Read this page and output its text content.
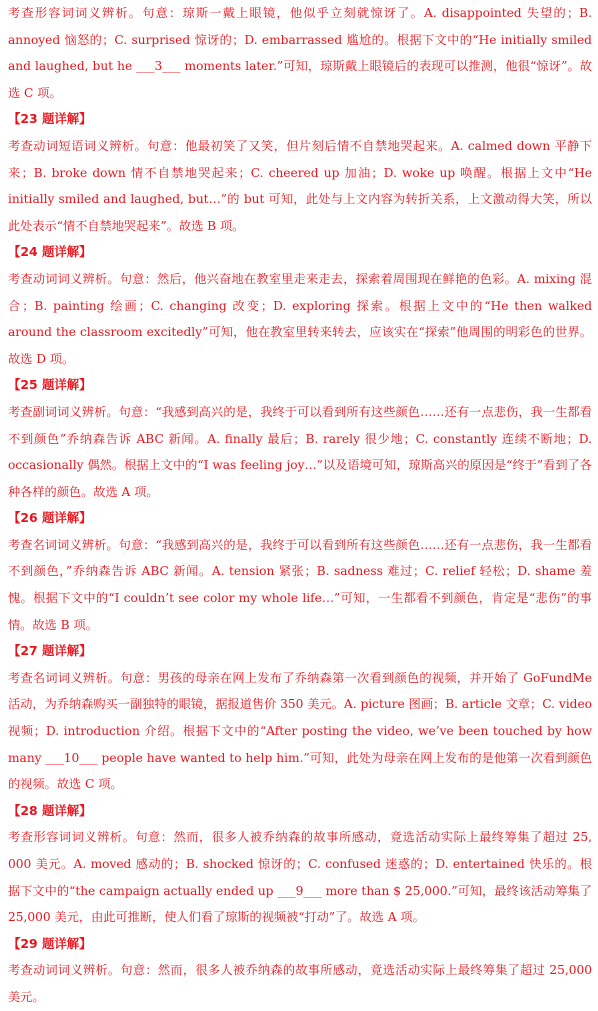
考查形容词词义辨析。句意：琼斯一戴上眼镜，他似乎立刻就惊讶了。A. disappointed 失望的；B. annoyed 恼怒的；C. surprised 惊讶的；D. embarrassed 尴尬的。根据下文中的“He initially smiled and laughed, but he ___3___ moments later.”可知，琼斯戴上眼镜后的表现可以推测，他很“惊讶”。故选 C 项。

【23 题详解】

考查动词短语词义辨析。句意：他最初笑了又笑，但片刻后情不自禁地哭起来。A. calmed down 平静下来；B. broke down 情不自禁地哭起来；C. cheered up 加油；D. woke up 唤醒。根据上文中“He initially smiled and laughed, but…”的 but 可知，此处与上文内容为转折关系，上文激动得大笑，所以此处表示“情不自禁地哭起来”。故选 B 项。

【24 题详解】

考查动词词义辨析。句意：然后，他兴奋地在教室里走来走去，探索着周围现在鲜艳的色彩。A. mixing 混合；B. painting 绘画；C. changing 改变；D. exploring 探索。根据上文中的“He then walked around the classroom excitedly”可知，他在教室里转来转去，应该实在“探索”他周围的明彩色的世界。故选 D 项。

【25 题详解】

考查副词词义辨析。句意：“我感到高兴的是，我终于可以看到所有这些颜色……还有一点悲伤，我一生都看不到颜色”乔纳森告诉 ABC 新闻。A. finally 最后；B. rarely 很少地；C. constantly 连续不断地；D. occasionally 偶然。根据上文中的“I was feeling joy…”以及语境可知，琼斯高兴的原因是“终于”看到了各种各样的颜色。故选 A 项。

【26 题详解】

考查名词词义辨析。句意：“我感到高兴的是，我终于可以看到所有这些颜色……还有一点悲伤，我一生都看不到颜色，”乔纳森告诉 ABC 新闻。A. tension 紧张；B. sadness 难过；C. relief 轻松；D. shame 羞愧。根据下文中的“I couldn’t see color my whole life…”可知，一生都看不到颜色，肯定是“悲伤”的事情。故选 B 项。

【27 题详解】

考查名词词义辨析。句意：男孩的母亲在网上发布了乔纳森第一次看到颜色的视频，并开始了 GoFundMe 活动，为乔纳森购买一副独特的眼镜，据报道售价 350 美元。A. picture 图画；B. article 文章；C. video 视频；D. introduction 介绍。根据下文中的“After posting the video, we’ve been touched by how many ___10___ people have wanted to help him.”可知，此处为母亲在网上发布的是他第一次看到颜色的视频。故选 C 项。

【28 题详解】

考查形容词词义辨析。句意：然而，很多人被乔纳森的故事所感动，竟选活动实际上最终筹集了超过 25, 000 美元。A. moved 感动的；B. shocked 惊讶的；C. confused 迷惑的；D. entertained 快乐的。根据下文中的“the campaign actually ended up ___9___ more than $ 25,000.”可知，最终该活动筹集了 25,000 美元，由此可推断，使人们看了琼斯的视频被“打动”了。故选 A 项。

【29 题详解】

考查动词词义辨析。句意：然而，很多人被乔纳森的故事所感动，竟选活动实际上最终筹集了超过 25,000 美元。
